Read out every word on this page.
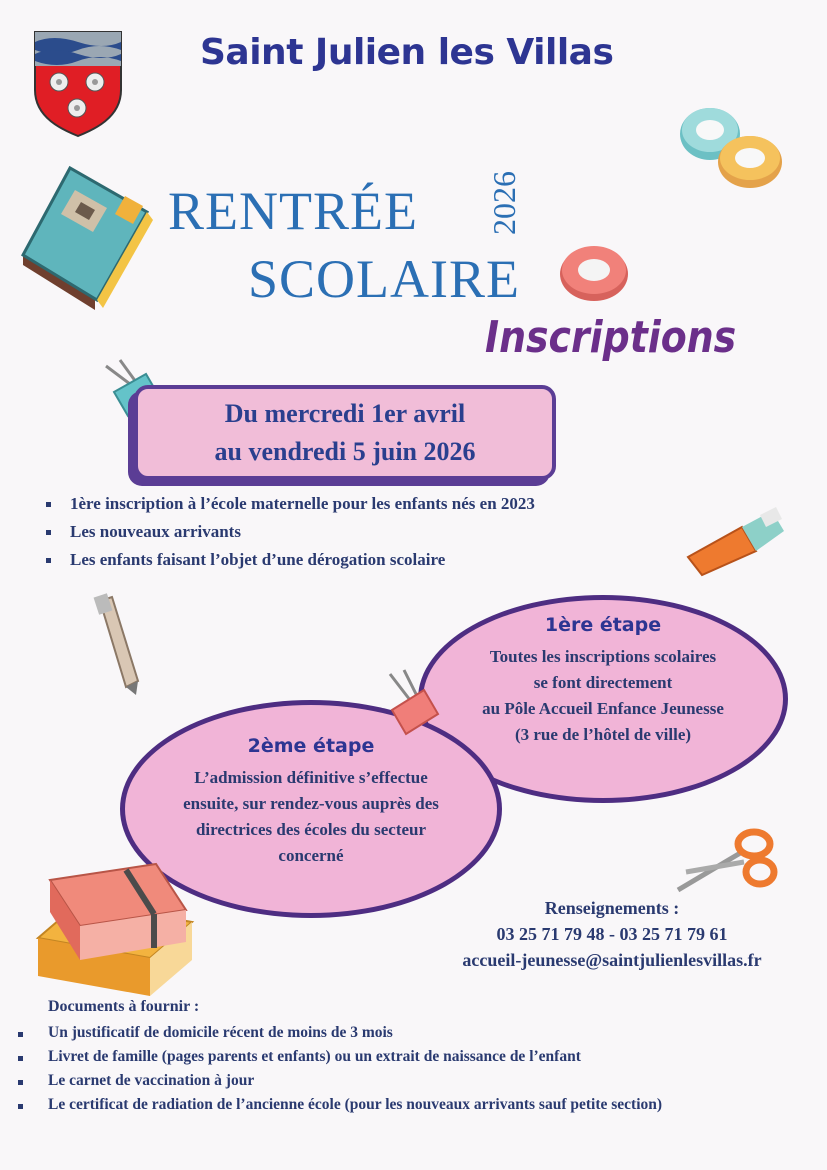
Saint Julien les Villas
RENTRÉE
SCOLAIRE
2026
Inscriptions
Du mercredi 1er avril
au vendredi 5 juin 2026
1ère inscription à l’école maternelle pour les enfants nés en 2023
Les nouveaux arrivants
Les enfants faisant l’objet d’une dérogation scolaire
1ère étape
Toutes les inscriptions scolaires
se font directement
au Pôle Accueil Enfance Jeunesse
(3 rue de l’hôtel de ville)
2ème étape
L’admission définitive s’effectue
ensuite, sur rendez-vous auprès des
directrices des écoles du secteur
concerné
Renseignements :
03 25 71 79 48 - 03 25 71 79 61
accueil-jeunesse@saintjulienlesvillas.fr
Documents à fournir :
Un justificatif de domicile récent de moins de 3 mois
Livret de famille (pages parents et enfants) ou un extrait de naissance de l’enfant
Le carnet de vaccination à jour
Le certificat de radiation de l’ancienne école (pour les nouveaux arrivants sauf petite section)
